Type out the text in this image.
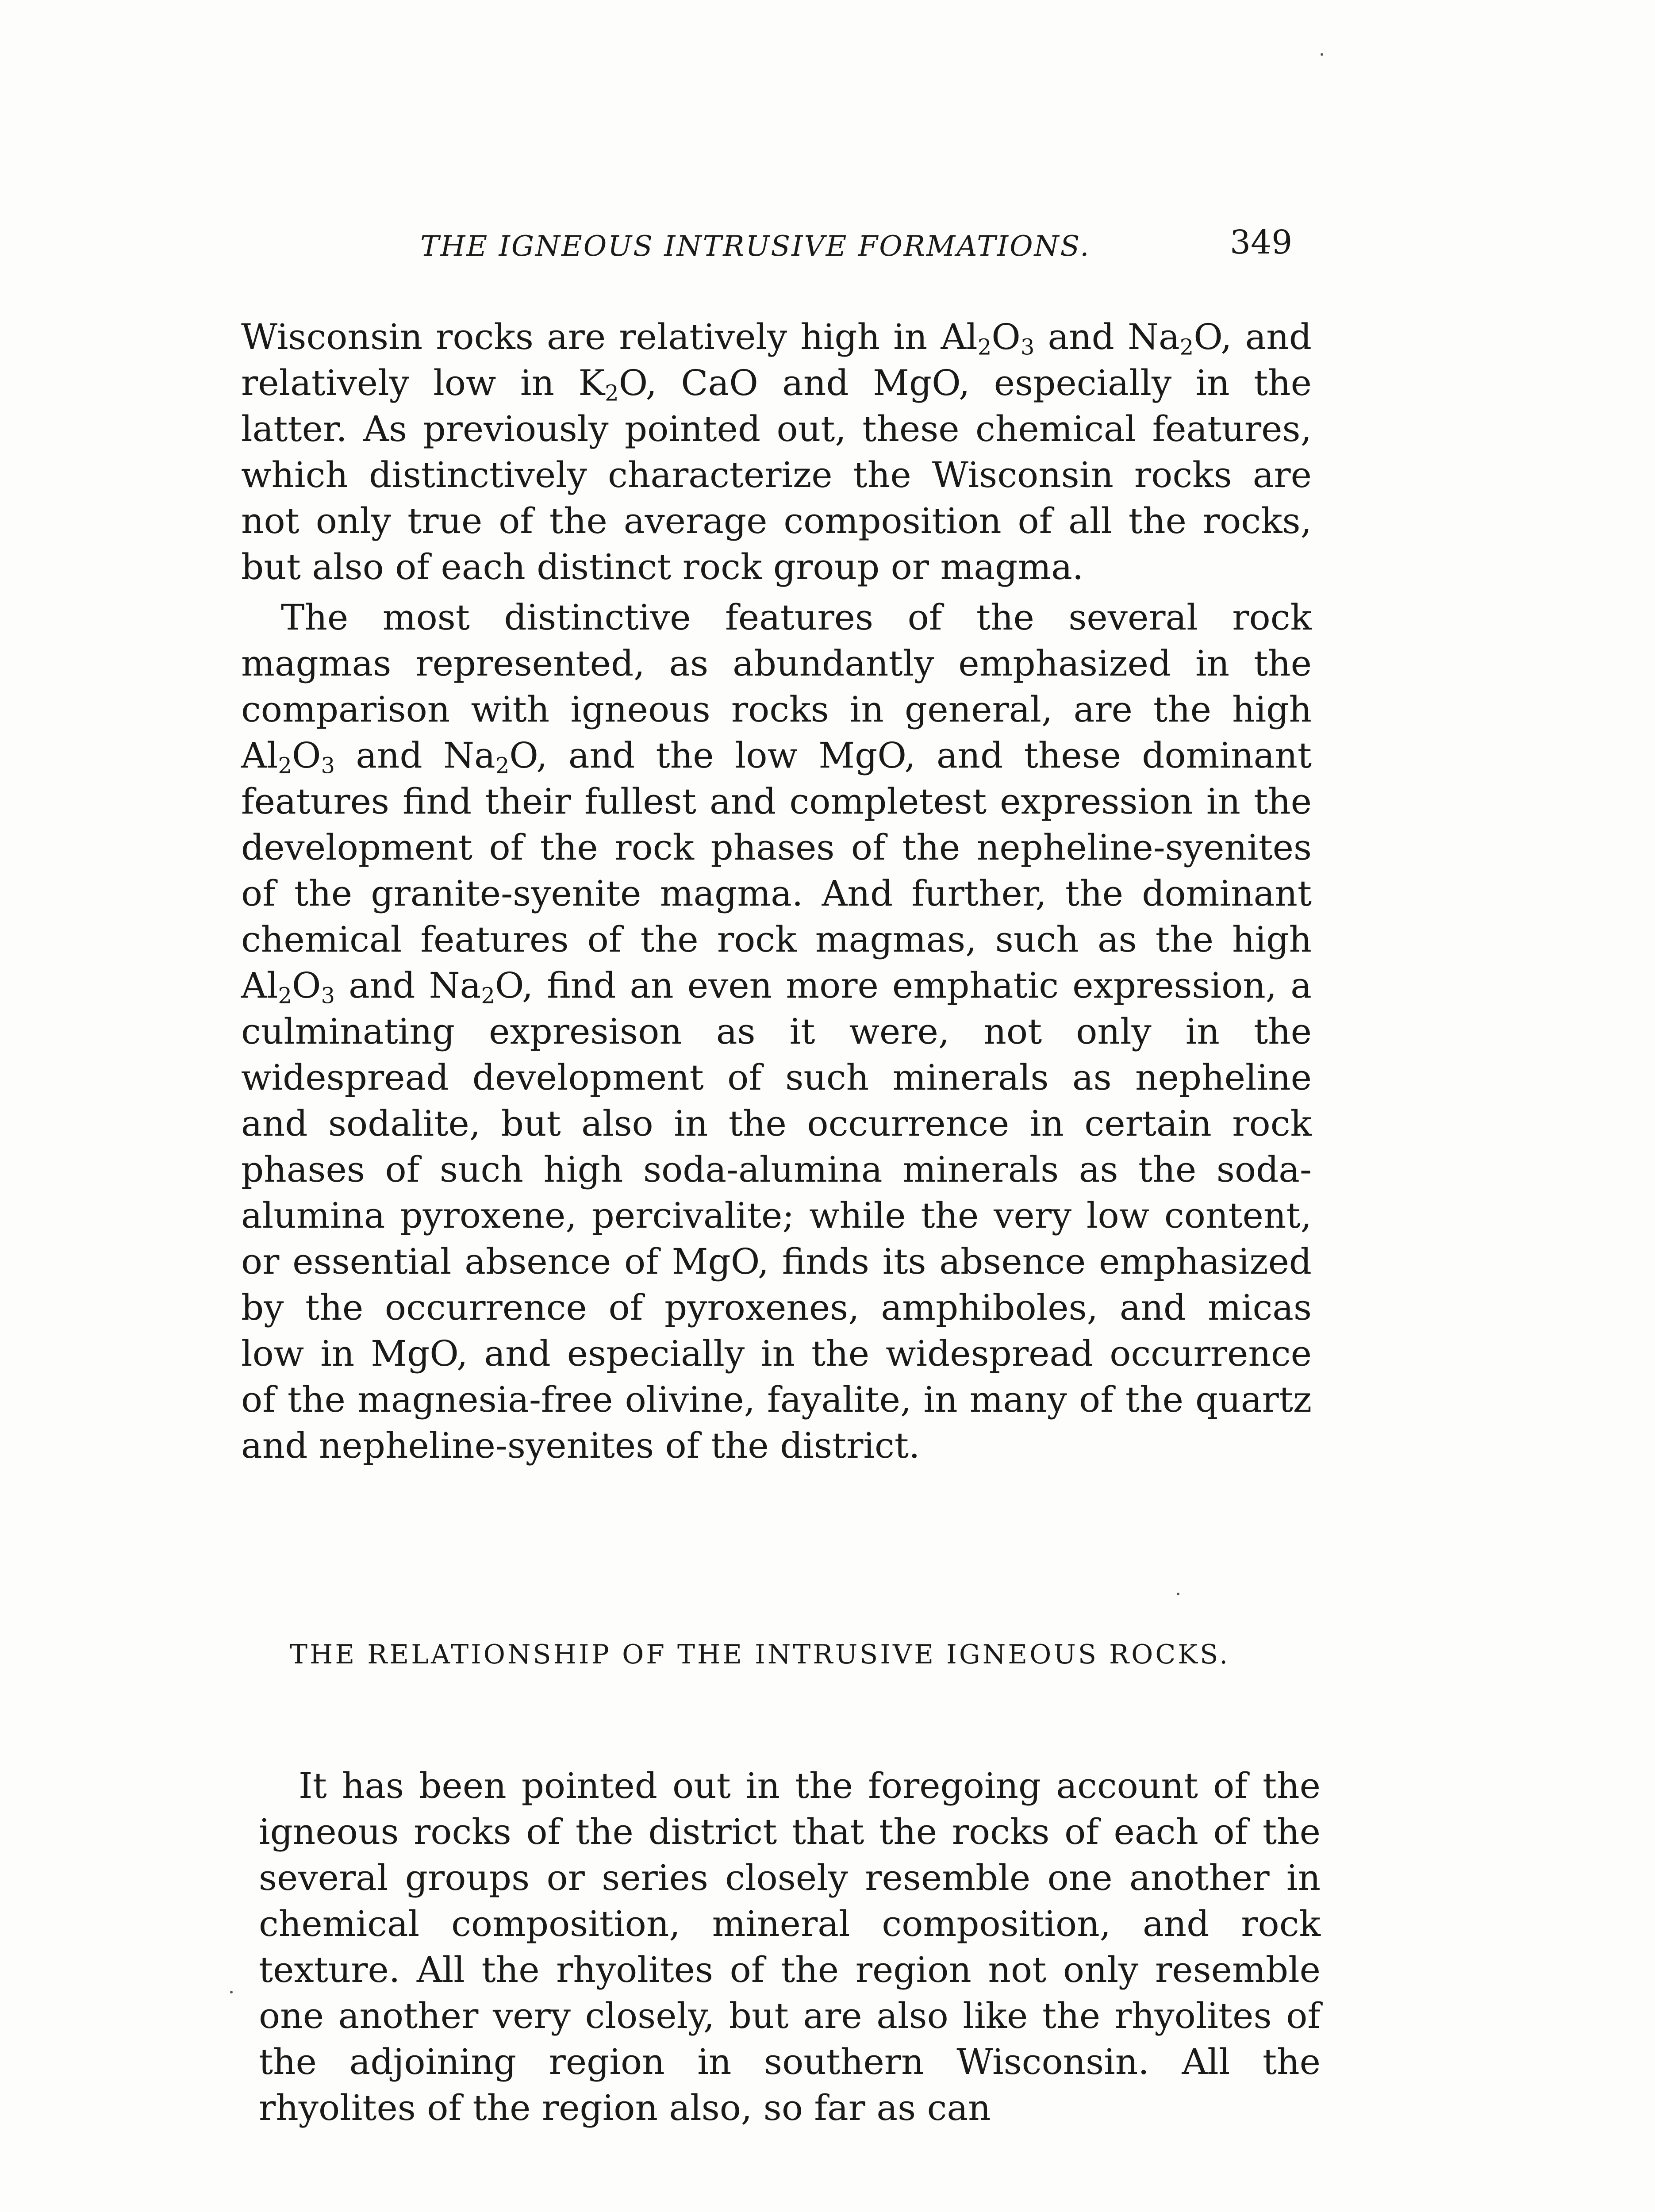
THE IGNEOUS INTRUSIVE FORMATIONS.	349

Wisconsin rocks are relatively high in $Al_2O_3$ and $Na_2O$, and relatively low in $K_2O$, CaO and MgO, especially in the latter. As previously pointed out, these chemical features, which distinctively characterize the Wisconsin rocks are not only true of the average composition of all the rocks, but also of each distinct rock group or magma.

The most distinctive features of the several rock magmas represented, as abundantly emphasized in the comparison with igneous rocks in general, are the high $Al_2O_3$ and $Na_2O$, and the low MgO, and these dominant features find their fullest and completest expression in the development of the rock phases of the nepheline-syenites of the granite-syenite magma. And further, the dominant chemical features of the rock magmas, such as the high $Al_2O_3$ and $Na_2O$, find an even more emphatic expression, a culminating expresison as it were, not only in the widespread development of such minerals as nepheline and sodalite, but also in the occurrence in certain rock phases of such high soda-alumina minerals as the soda-alumina pyroxene, percivalite; while the very low content, or essential absence of MgO, finds its absence emphasized by the occurrence of pyroxenes, amphiboles, and micas low in MgO, and especially in the widespread occurrence of the magnesia-free olivine, fayalite, in many of the quartz and nepheline-syenites of the district.

THE RELATIONSHIP OF THE INTRUSIVE IGNEOUS ROCKS.

It has been pointed out in the foregoing account of the igneous rocks of the district that the rocks of each of the several groups or series closely resemble one another in chemical composition, mineral composition, and rock texture. All the rhyolites of the region not only resemble one another very closely, but are also like the rhyolites of the adjoining region in southern Wisconsin. All the rhyolites of the region also, so far as can
